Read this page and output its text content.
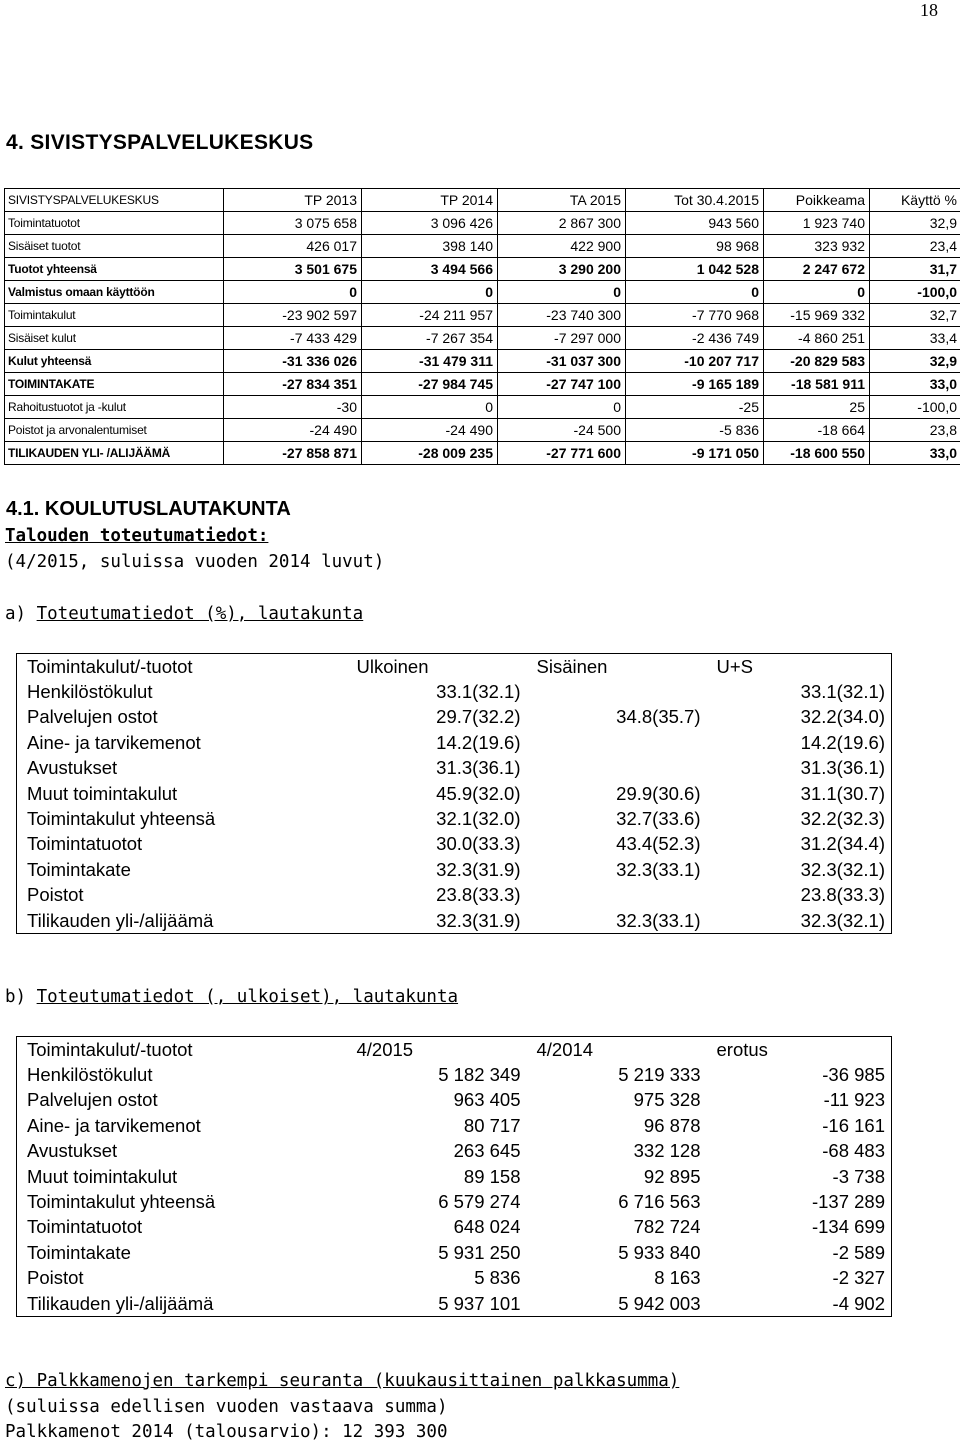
18
4. SIVISTYSPALVELUKESKUS
SIVISTYSPALVELUKESKUS	TP 2013	TP 2014	TA 2015	Tot 30.4.2015	Poikkeama	Käyttö %
Toimintatuotot	3 075 658	3 096 426	2 867 300	943 560	1 923 740	32,9
Sisäiset tuotot	426 017	398 140	422 900	98 968	323 932	23,4
Tuotot yhteensä	3 501 675	3 494 566	3 290 200	1 042 528	2 247 672	31,7
Valmistus omaan käyttöön	0	0	0	0	0	-100,0
Toimintakulut	-23 902 597	-24 211 957	-23 740 300	-7 770 968	-15 969 332	32,7
Sisäiset kulut	-7 433 429	-7 267 354	-7 297 000	-2 436 749	-4 860 251	33,4
Kulut yhteensä	-31 336 026	-31 479 311	-31 037 300	-10 207 717	-20 829 583	32,9
TOIMINTAKATE	-27 834 351	-27 984 745	-27 747 100	-9 165 189	-18 581 911	33,0
Rahoitustuotot ja -kulut	-30	0	0	-25	25	-100,0
Poistot ja arvonalentumiset	-24 490	-24 490	-24 500	-5 836	-18 664	23,8
TILIKAUDEN YLI- /ALIJÄÄMÄ	-27 858 871	-28 009 235	-27 771 600	-9 171 050	-18 600 550	33,0
4.1. KOULUTUSLAUTAKUNTA
Talouden toteutumatiedot:
(4/2015, suluissa vuoden 2014 luvut)
a) Toteutumatiedot (%), lautakunta
Toimintakulut/-tuotot	Ulkoinen	Sisäinen	U+S
Henkilöstökulut	33.1(32.1)		33.1(32.1)
Palvelujen ostot	29.7(32.2)	34.8(35.7)	32.2(34.0)
Aine- ja tarvikemenot	14.2(19.6)		14.2(19.6)
Avustukset	31.3(36.1)		31.3(36.1)
Muut toimintakulut	45.9(32.0)	29.9(30.6)	31.1(30.7)
Toimintakulut yhteensä	32.1(32.0)	32.7(33.6)	32.2(32.3)
Toimintatuotot	30.0(33.3)	43.4(52.3)	31.2(34.4)
Toimintakate	32.3(31.9)	32.3(33.1)	32.3(32.1)
Poistot	23.8(33.3)		23.8(33.3)
Tilikauden yli-/alijäämä	32.3(31.9)	32.3(33.1)	32.3(32.1)
b) Toteutumatiedot (, ulkoiset), lautakunta
Toimintakulut/-tuotot	4/2015	4/2014	erotus
Henkilöstökulut	5 182 349	5 219 333	-36 985
Palvelujen ostot	963 405	975 328	-11 923
Aine- ja tarvikemenot	80 717	96 878	-16 161
Avustukset	263 645	332 128	-68 483
Muut toimintakulut	89 158	92 895	-3 738
Toimintakulut yhteensä	6 579 274	6 716 563	-137 289
Toimintatuotot	648 024	782 724	-134 699
Toimintakate	5 931 250	5 933 840	-2 589
Poistot	5 836	8 163	-2 327
Tilikauden yli-/alijäämä	5 937 101	5 942 003	-4 902
c) Palkkamenojen tarkempi seuranta (kuukausittainen palkkasumma)
(suluissa edellisen vuoden vastaava summa)
Palkkamenot 2014 (talousarvio): 12 393 300
